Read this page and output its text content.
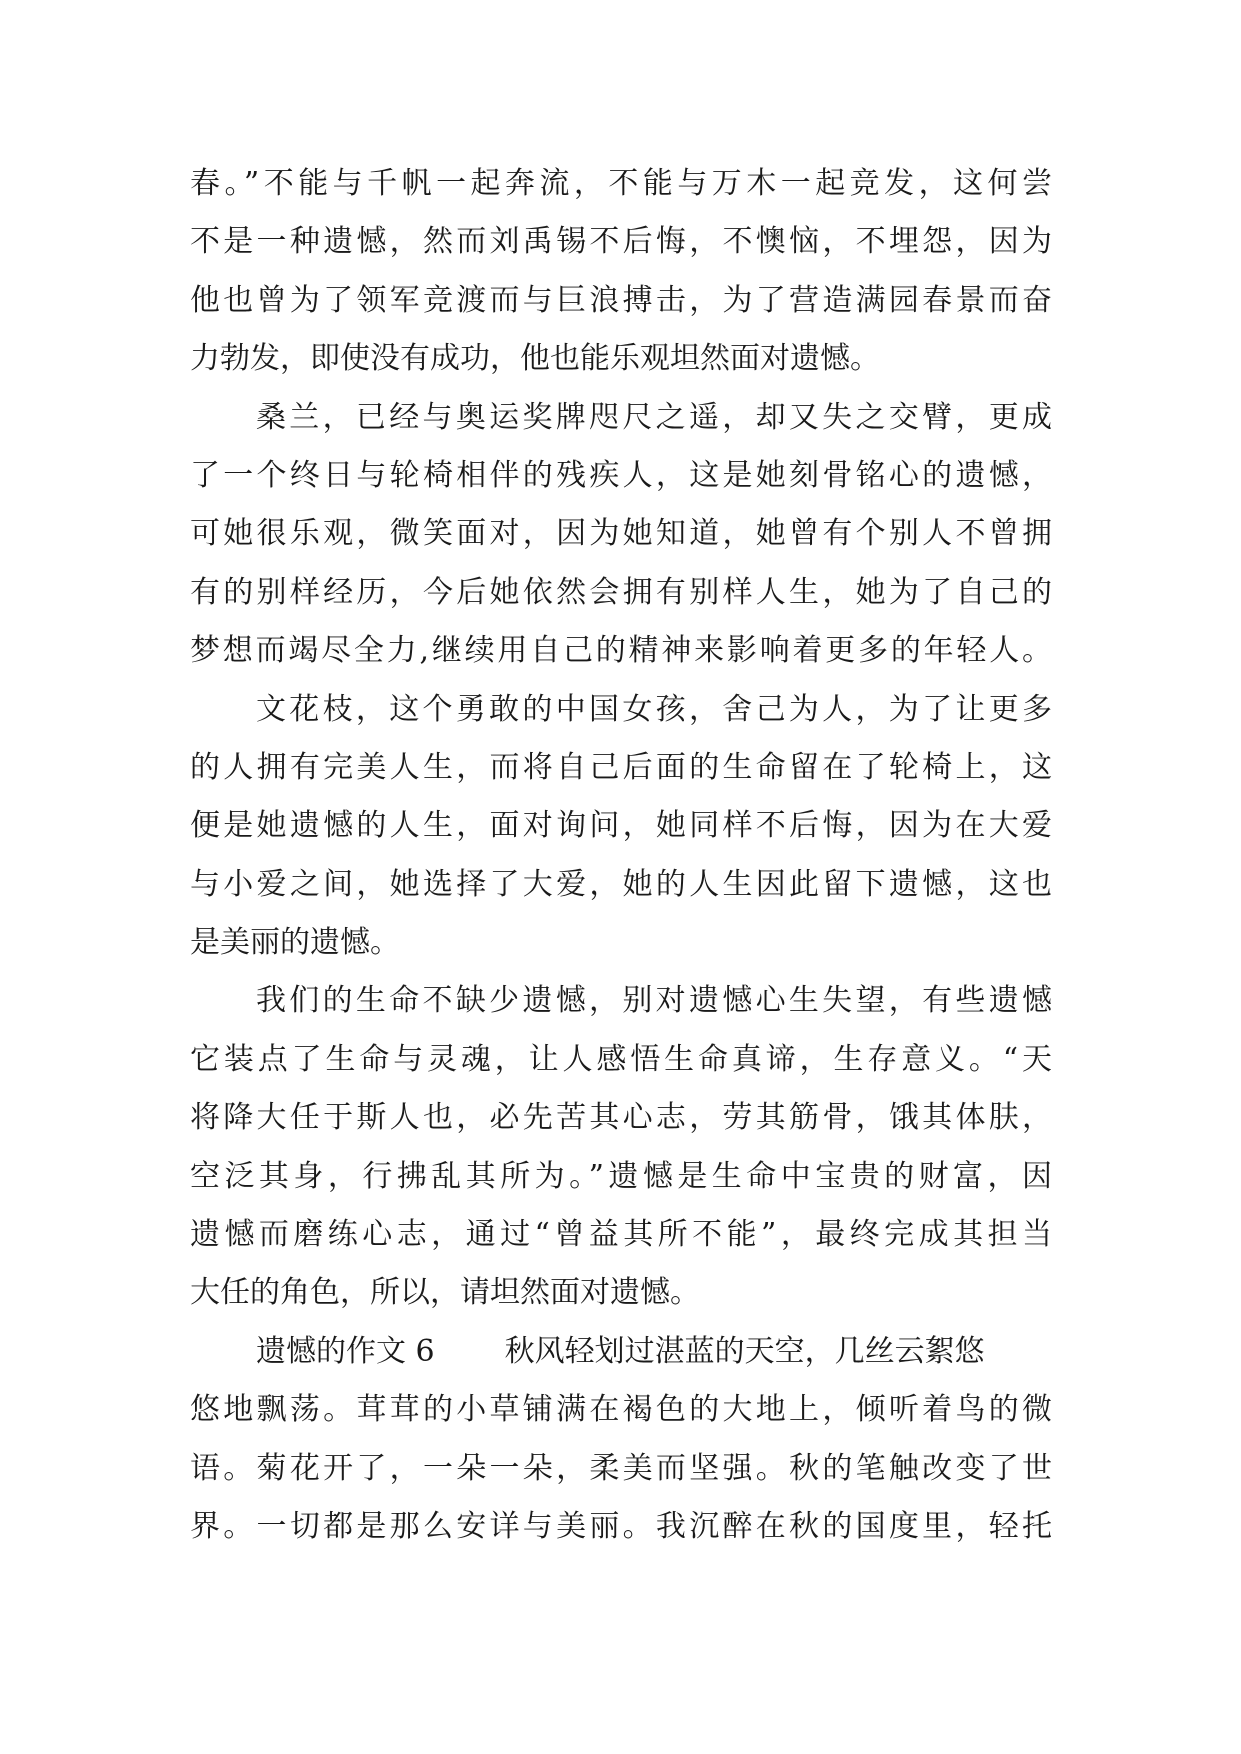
春。”不能与千帆一起奔流，不能与万木一起竞发，这何尝
不是一种遗憾，然而刘禹锡不后悔，不懊恼，不埋怨，因为
他也曾为了领军竞渡而与巨浪搏击，为了营造满园春景而奋
力勃发，即使没有成功，他也能乐观坦然面对遗憾。
桑兰，已经与奥运奖牌咫尺之遥，却又失之交臂，更成
了一个终日与轮椅相伴的残疾人，这是她刻骨铭心的遗憾，
可她很乐观，微笑面对，因为她知道，她曾有个别人不曾拥
有的别样经历，今后她依然会拥有别样人生，她为了自己的
梦想而竭尽全力,继续用自己的精神来影响着更多的年轻人。
文花枝，这个勇敢的中国女孩，舍己为人，为了让更多
的人拥有完美人生，而将自己后面的生命留在了轮椅上，这
便是她遗憾的人生，面对询问，她同样不后悔，因为在大爱
与小爱之间，她选择了大爱，她的人生因此留下遗憾，这也
是美丽的遗憾。
我们的生命不缺少遗憾，别对遗憾心生失望，有些遗憾
它装点了生命与灵魂，让人感悟生命真谛，生存意义。“天
将降大任于斯人也，必先苦其心志，劳其筋骨，饿其体肤，
空泛其身，行拂乱其所为。”遗憾是生命中宝贵的财富，因
遗憾而磨练心志，通过“曾益其所不能”，最终完成其担当
大任的角色，所以，请坦然面对遗憾。
遗憾的作文 6 秋风轻划过湛蓝的天空，几丝云絮悠
悠地飘荡。茸茸的小草铺满在褐色的大地上，倾听着鸟的微
语。菊花开了，一朵一朵，柔美而坚强。秋的笔触改变了世
界。一切都是那么安详与美丽。我沉醉在秋的国度里，轻托
